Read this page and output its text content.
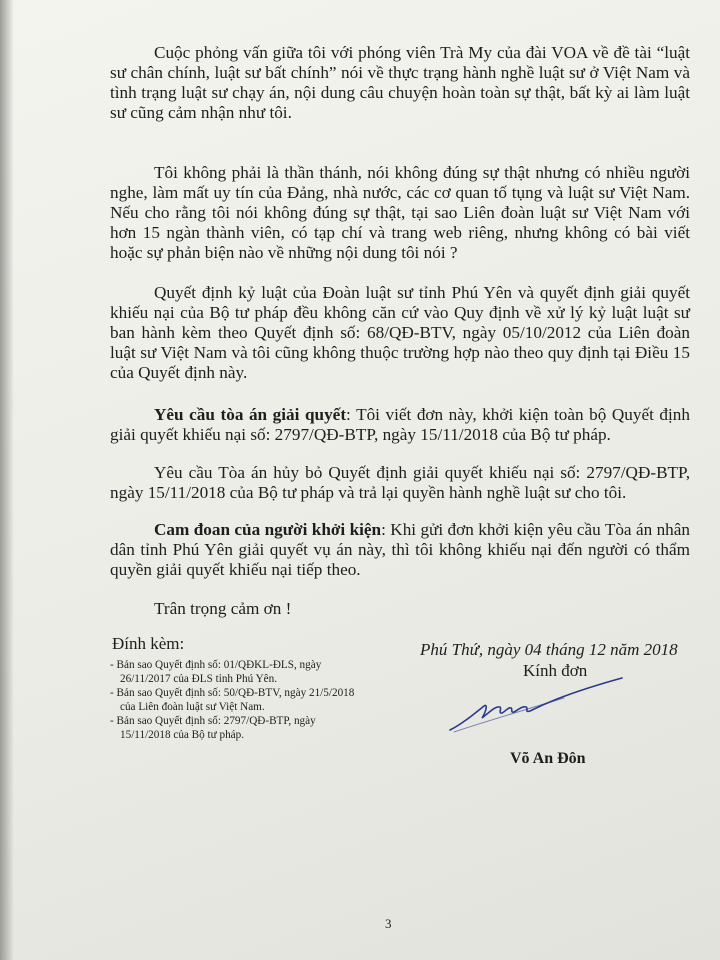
Cuộc phỏng vấn giữa tôi với phóng viên Trà My của đài VOA về đề tài “luật sư chân chính, luật sư bất chính” nói về thực trạng hành nghề luật sư ở Việt Nam và tình trạng luật sư chạy án, nội dung câu chuyện hoàn toàn sự thật, bất kỳ ai làm luật sư cũng cảm nhận như tôi.

Tôi không phải là thần thánh, nói không đúng sự thật nhưng có nhiều người nghe, làm mất uy tín của Đảng, nhà nước, các cơ quan tố tụng và luật sư Việt Nam. Nếu cho rằng tôi nói không đúng sự thật, tại sao Liên đoàn luật sư Việt Nam với hơn 15 ngàn thành viên, có tạp chí và trang web riêng, nhưng không có bài viết hoặc sự phản biện nào về những nội dung tôi nói ?

Quyết định kỷ luật của Đoàn luật sư tỉnh Phú Yên và quyết định giải quyết khiếu nại của Bộ tư pháp đều không căn cứ vào Quy định về xử lý kỷ luật luật sư ban hành kèm theo Quyết định số: 68/QĐ-BTV, ngày 05/10/2012 của Liên đoàn luật sư Việt Nam và tôi cũng không thuộc trường hợp nào theo quy định tại Điều 15 của Quyết định này.

Yêu cầu tòa án giải quyết: Tôi viết đơn này, khởi kiện toàn bộ Quyết định giải quyết khiếu nại số: 2797/QĐ-BTP, ngày 15/11/2018 của Bộ tư pháp.

Yêu cầu Tòa án hủy bỏ Quyết định giải quyết khiếu nại số: 2797/QĐ-BTP, ngày 15/11/2018 của Bộ tư pháp và trả lại quyền hành nghề luật sư cho tôi.

Cam đoan của người khởi kiện: Khi gửi đơn khởi kiện yêu cầu Tòa án nhân dân tỉnh Phú Yên giải quyết vụ án này, thì tôi không khiếu nại đến người có thẩm quyền giải quyết khiếu nại tiếp theo.

Trân trọng cảm ơn !

Đính kèm:
- Bản sao Quyết định số: 01/QĐKL-ĐLS, ngày 26/11/2017 của ĐLS tỉnh Phú Yên.
- Bản sao Quyết định số: 50/QĐ-BTV, ngày 21/5/2018 của Liên đoàn luật sư Việt Nam.
- Bản sao Quyết định số: 2797/QĐ-BTP, ngày 15/11/2018 của Bộ tư pháp.
Phú Thứ, ngày 04 tháng 12 năm 2018
Kính đơn
Võ An Đôn
3
